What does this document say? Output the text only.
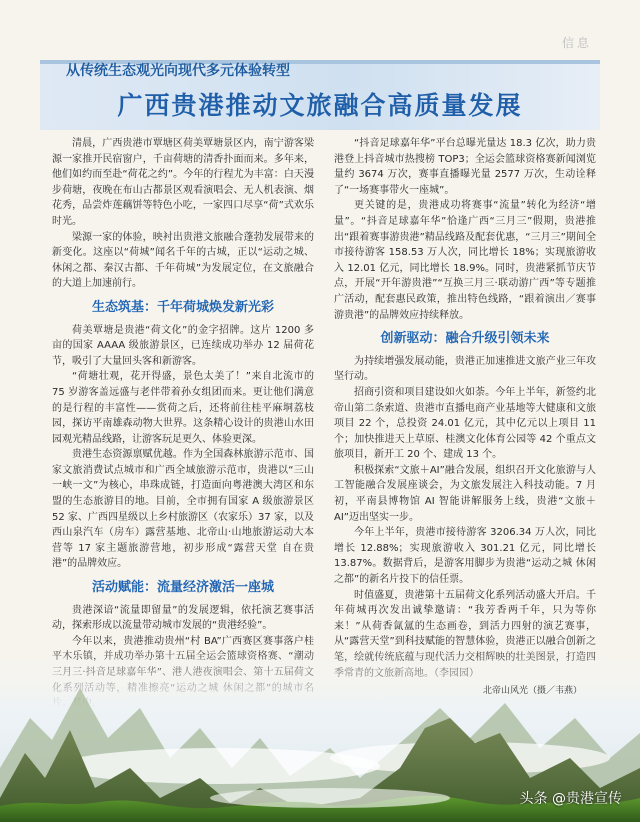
信息
从传统生态观光向现代多元体验转型
广西贵港推动文旅融合高质量发展

清晨，广西贵港市覃塘区荷美覃塘景区内，南宁游客梁源一家推开民宿窗户，千亩荷塘的清香扑面而来。多年来，他们如约而至赴“荷花之约”。今年的行程尤为丰富：白天漫步荷塘，夜晚在布山古都景区观看演唱会、无人机表演、烟花秀，品尝炸莲藕饼等特色小吃，一家四口尽享“荷”式欢乐时光。

梁源一家的体验，映衬出贵港文旅融合蓬勃发展带来的新变化。这座以“荷城”闻名千年的古城，正以“运动之城、休闲之都、秦汉古都、千年荷城”为发展定位，在文旅融合的大道上加速前行。

生态筑基：千年荷城焕发新光彩

荷美覃塘是贵港“荷文化”的金字招牌。这片 1200 多亩的国家 AAAA 级旅游景区，已连续成功举办 12 届荷花节，吸引了大量回头客和新游客。

“荷塘壮观，花开得盛，景色太美了！”来自北流市的 75 岁游客盖远盛与老伴带着孙女组团而来。更让他们满意的是行程的丰富性——赏荷之后，还将前往桂平麻垌荔枝园，探访平南雄森动物大世界。这条精心设计的贵港山水田园观光精品线路，让游客玩足更久、体验更深。

贵港生态资源禀赋优越。作为全国森林旅游示范市、国家文旅消费试点城市和广西全域旅游示范市，贵港以“三山一峡一文”为核心，串珠成链，打造面向粤港澳大湾区和东盟的生态旅游目的地。目前，全市拥有国家 A 级旅游景区 52 家、广西四星级以上乡村旅游区（农家乐）37 家，以及西山泉汽车（房车）露营基地、北帝山·山地旅游运动大本营等 17 家主题旅游营地，初步形成“露营天堂 自在贵港”的品牌效应。

活动赋能：流量经济激活一座城

贵港深谙“流量即留量”的发展逻辑，依托演艺赛事活动，探索形成以流量带动城市发展的“贵港经验”。

今年以来，贵港推动贵州“村 BA”广西赛区赛事落户桂

“抖音足球嘉年华”平台总曝光量达 18.3 亿次，助力贵港登上抖音城市热搜榜 TOP3；全运会篮球资格赛新闻浏览量约 3674 万次，赛事直播曝光量 2577 万次，生动诠释了“一场赛事带火一座城”。

更关键的是，贵港成功将赛事“流量”转化为经济“增量”。“抖音足球嘉年华”恰逢广西“三月三”假期，贵港推出“跟着赛事游贵港”精品线路及配套优惠，“三月三”期间全市接待游客 158.53 万人次，同比增长 18%；实现旅游收入 12.01 亿元，同比增长 18.9%。同时，贵港紧抓节庆节点，开展“开年游贵港”“互换三月三·联动游广西”等专题推广活动，配套惠民政策，推出特色线路，“跟着演出／赛事游贵港”的品牌效应持续释放。

创新驱动：融合升级引领未来

为持续增强发展动能，贵港正加速推进文旅产业三年攻坚行动。

招商引资和项目建设如火如荼。今年上半年，新签约北帝山第二条索道、贵港市直播电商产业基地等大健康和文旅项目 22 个，总投资 24.01 亿元，其中亿元以上项目 11 个；加快推进天上草原、桂澳文化体育公园等 42 个重点文旅项目，新开工 20 个、建成 13 个。

积极探索“文旅＋AI”融合发展，组织召开文化旅游与人工智能融合发展座谈会，为文旅发展注入科技动能。7 月初，平南县博物馆 AI 智能讲解服务上线，贵港“文旅＋AI”迈出坚实一步。

今年上半年，贵港市接待游客 3206.34 万人次，同比增长 12.88%；实现旅游收入 301.21 亿元，同比增长 13.87%。数据背后，是游客用脚步为贵港“运动之城 休闲之都”的新名片投下的信任票。

时值盛夏，贵港第十五届荷文化系列活动盛大开启。千年荷城再次发出诚挚邀请：“我芳香两千年，只为等你来！”从荷香氤氲的生态画卷，到活力四射的演艺赛事，从“露营天堂”到科技赋能的智慧体验，贵港正以融合创新之

北帝山风光（摄／韦燕）
头条 @贵港宣传
